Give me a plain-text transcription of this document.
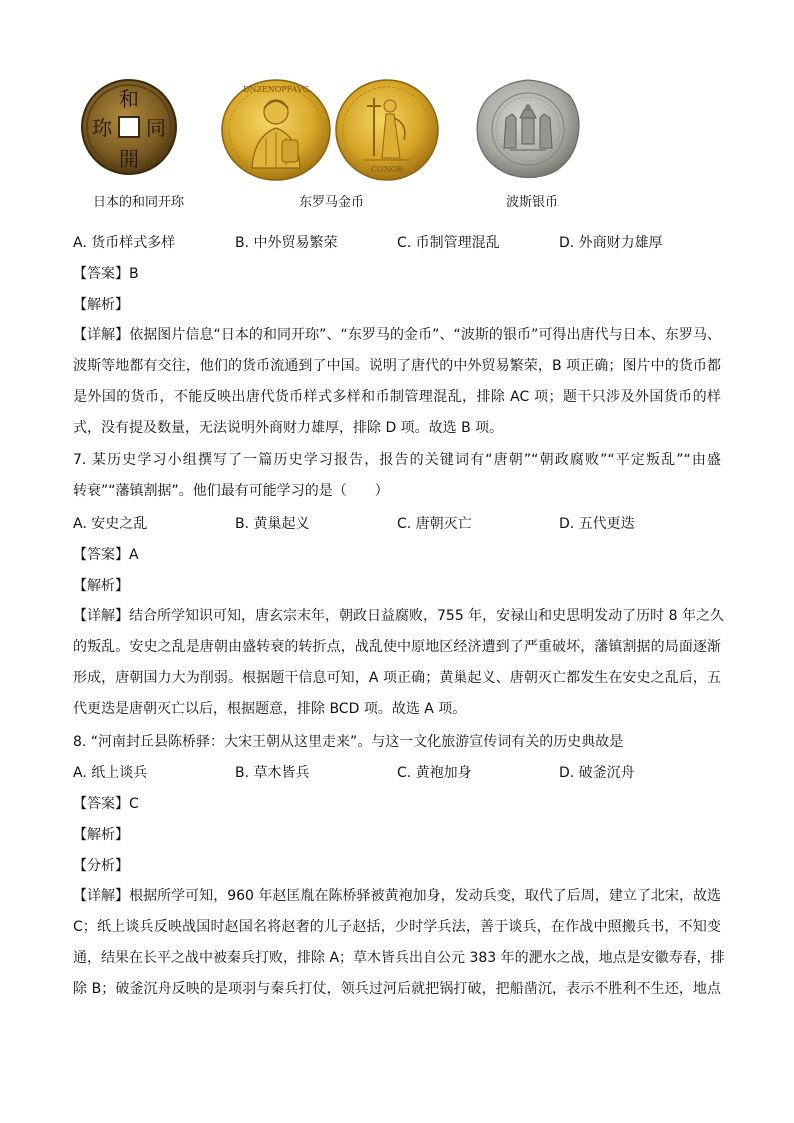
和
同
開
珎
DNZENOPFAVG
CONOB
日本的和同开珎	东罗马金币	波斯银币
A. 货币样式多样	B. 中外贸易繁荣	C. 币制管理混乱	D. 外商财力雄厚
【答案】B
【解析】
【详解】依据图片信息“日本的和同开珎”、“东罗马的金币”、“波斯的银币”可得出唐代与日本、东罗马、
波斯等地都有交往，他们的货币流通到了中国。说明了唐代的中外贸易繁荣，B 项正确；图片中的货币都
是外国的货币，不能反映出唐代货币样式多样和币制管理混乱，排除 AC 项；题干只涉及外国货币的样
式，没有提及数量，无法说明外商财力雄厚，排除 D 项。故选 B 项。
7. 某历史学习小组撰写了一篇历史学习报告，报告的关键词有“唐朝”“朝政腐败”“平定叛乱”“由盛
转衰”“藩镇割据”。他们最有可能学习的是（　　）
A. 安史之乱	B. 黄巢起义	C. 唐朝灭亡	D. 五代更迭
【答案】A
【解析】
【详解】结合所学知识可知，唐玄宗末年，朝政日益腐败，755 年，安禄山和史思明发动了历时 8 年之久
的叛乱。安史之乱是唐朝由盛转衰的转折点，战乱使中原地区经济遭到了严重破坏，藩镇割据的局面逐渐
形成，唐朝国力大为削弱。根据题干信息可知，A 项正确；黄巢起义、唐朝灭亡都发生在安史之乱后，五
代更迭是唐朝灭亡以后，根据题意，排除 BCD 项。故选 A 项。
8. “河南封丘县陈桥驿：大宋王朝从这里走来”。与这一文化旅游宣传词有关的历史典故是
A. 纸上谈兵	B. 草木皆兵	C. 黄袍加身	D. 破釜沉舟
【答案】C
【解析】
【分析】
【详解】根据所学可知，960 年赵匡胤在陈桥驿被黄袍加身，发动兵变，取代了后周，建立了北宋，故选
C；纸上谈兵反映战国时赵国名将赵奢的儿子赵括，少时学兵法，善于谈兵，在作战中照搬兵书，不知变
通，结果在长平之战中被秦兵打败，排除 A；草木皆兵出自公元 383 年的淝水之战，地点是安徽寿春，排
除 B；破釜沉舟反映的是项羽与秦兵打仗，领兵过河后就把锅打破，把船凿沉，表示不胜利不生还，地点
